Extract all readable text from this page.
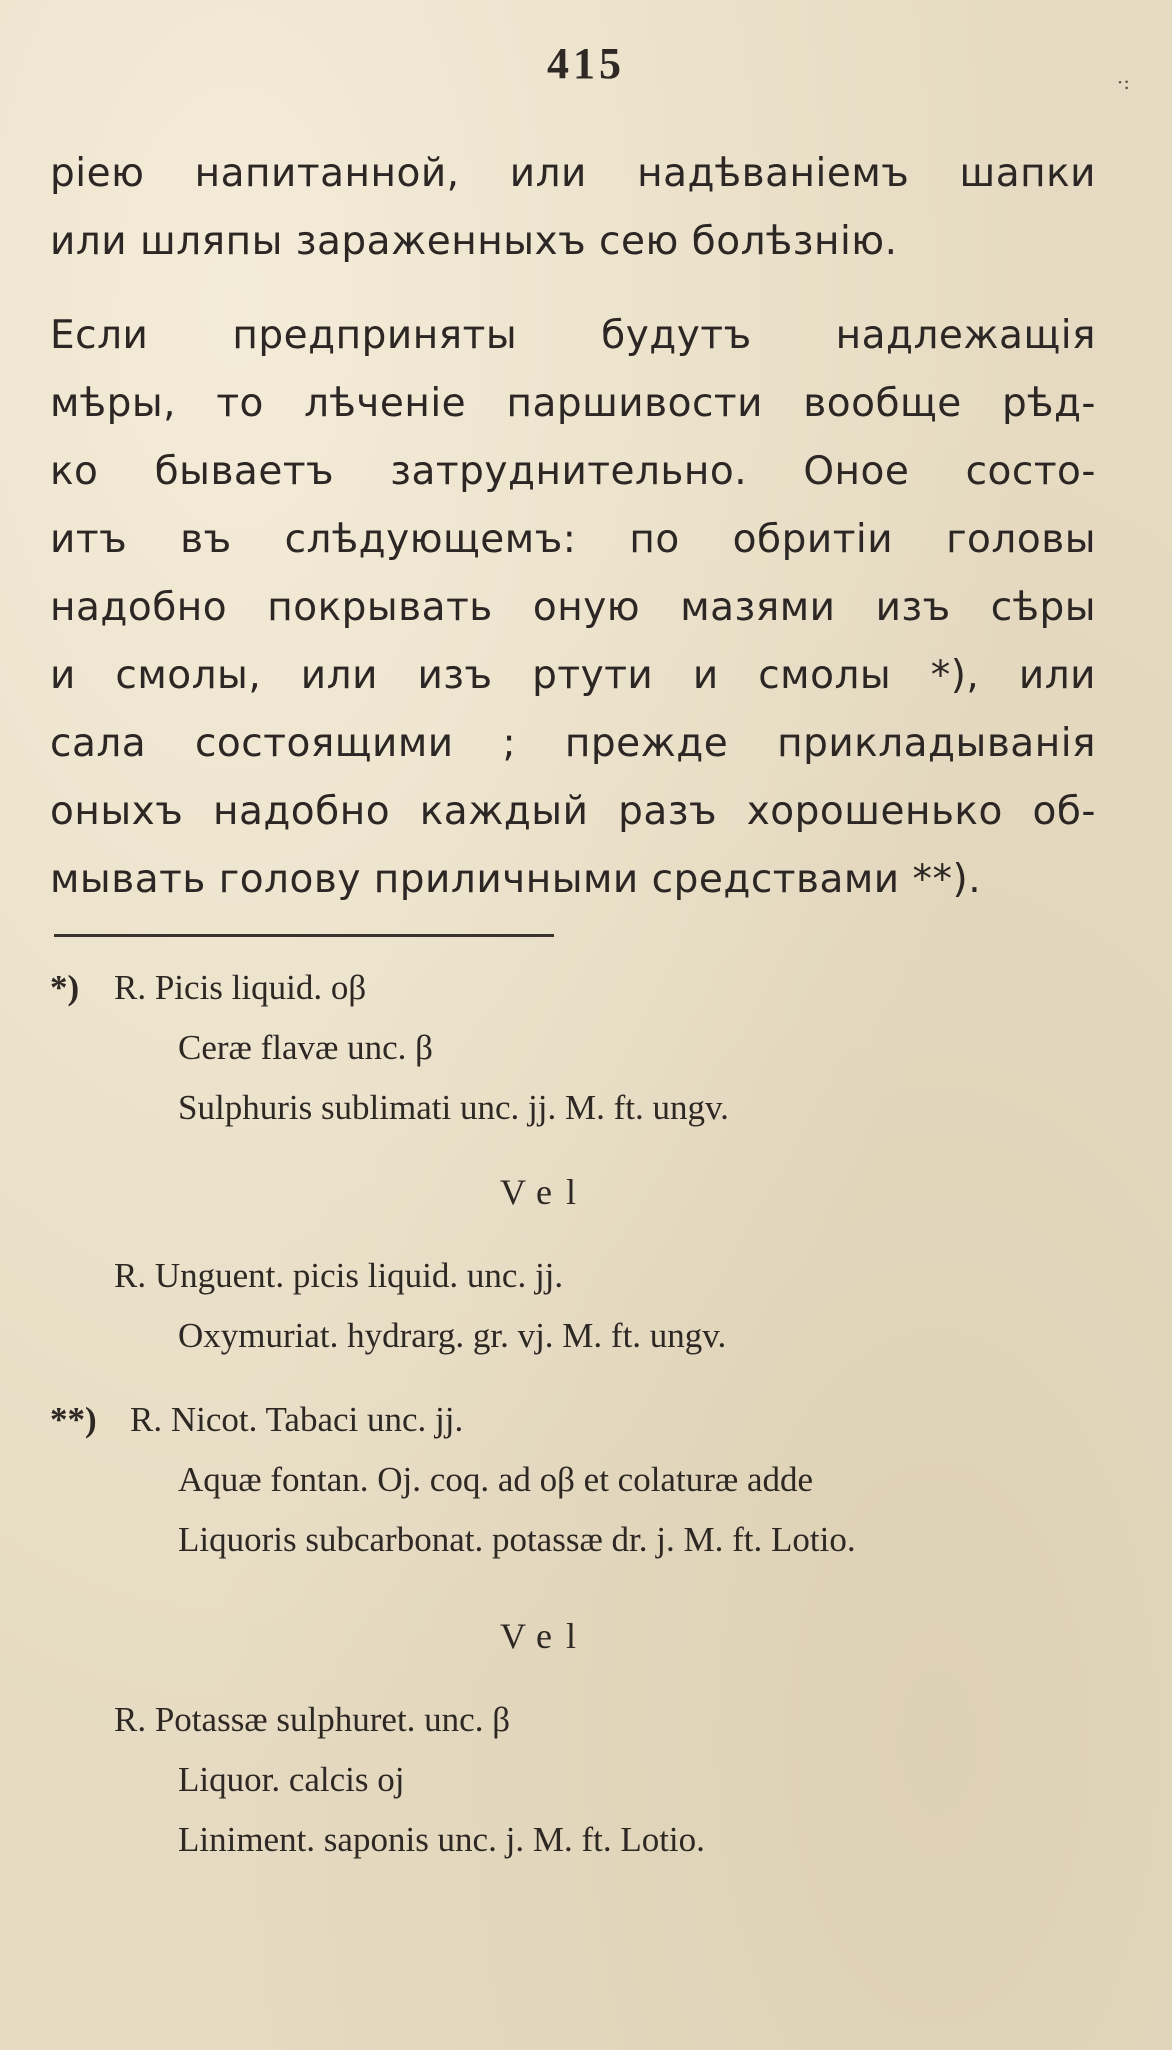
415	·:
ріею напитанной, или надѣваніемъ шапки
или шляпы зараженныхъ сею болѣзнію.
Если предприняты будутъ надлежащія
мѣры, то лѣченіе паршивости вообще рѣд-
ко бываетъ затруднительно. Оное состо-
итъ въ слѣдующемъ: по обритіи головы
надобно покрывать оную мазями изъ сѣры
и смолы, или изъ ртути и смолы *), или
сала состоящими ; прежде прикладыванія
оныхъ надобно каждый разъ хорошенько об-
мывать голову приличными средствами **).
*) R. Picis liquid. oβ
Ceræ flavæ unc. β
Sulphuris sublimati unc. jj. M. ft. ungv.
Vel
R. Unguent. picis liquid. unc. jj.
Oxymuriat. hydrarg. gr. vj. M. ft. ungv.
**) R. Nicot. Tabaci unc. jj.
Aquæ fontan. Oj. coq. ad oβ et colaturæ adde
Liquoris subcarbonat. potassæ dr. j. M. ft. Lotio.
Vel
R. Potassæ sulphuret. unc. β
Liquor. calcis oj
Liniment. saponis unc. j. M. ft. Lotio.
